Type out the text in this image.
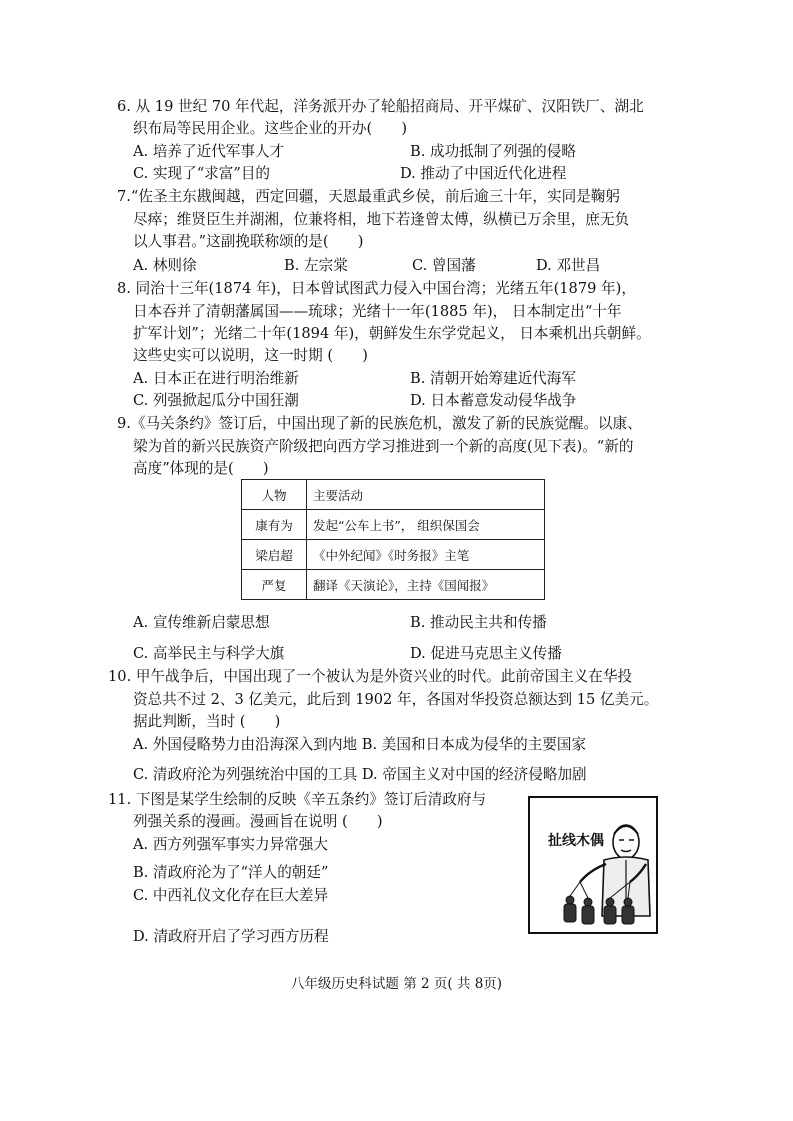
6. 从 19 世纪 70 年代起，洋务派开办了轮船招商局、开平煤矿、汉阳铁厂、湖北
织布局等民用企业。这些企业的开办(　　)
A. 培养了近代军事人才	B. 成功抵制了列强的侵略
C. 实现了“求富”目的	D. 推动了中国近代化进程
7.“佐圣主东戡闽越，西定回疆，天恩最重武乡侯，前后逾三十年，实同是鞠躬
尽瘁；维贤臣生并湖湘，位兼将相，地下若逢曾太傅，纵横已万余里，庶无负
以人事君。”这副挽联称颂的是(　　)
A. 林则徐	B. 左宗棠	C. 曾国藩	D. 邓世昌
8. 同治十三年(1874 年)，日本曾试图武力侵入中国台湾；光绪五年(1879 年)，
日本吞并了清朝藩属国——琉球；光绪十一年(1885 年)， 日本制定出“十年
扩军计划”；光绪二十年(1894 年)，朝鲜发生东学党起义， 日本乘机出兵朝鲜。
这些史实可以说明，这一时期 (　　)
A. 日本正在进行明治维新	B. 清朝开始筹建近代海军
C. 列强掀起瓜分中国狂潮	D. 日本蓄意发动侵华战争
9.《马关条约》签订后，中国出现了新的民族危机，激发了新的民族觉醒。以康、
梁为首的新兴民族资产阶级把向西方学习推进到一个新的高度(见下表)。“新的
高度”体现的是(　　)
人物	主要活动
康有为	发起“公车上书”， 组织保国会
梁启超	《中外纪闻》《时务报》主笔
严复	翻译《天演论》，主持《国闻报》
A. 宣传维新启蒙思想	B. 推动民主共和传播
C. 高举民主与科学大旗	D. 促进马克思主义传播
10. 甲午战争后，中国出现了一个被认为是外资兴业的时代。此前帝国主义在华投
资总共不过 2、3 亿美元，此后到 1902 年，各国对华投资总额达到 15 亿美元。
据此判断，当时 (　　)
A. 外国侵略势力由沿海深入到内地 B. 美国和日本成为侵华的主要国家
C. 清政府沦为列强统治中国的工具 D. 帝国主义对中国的经济侵略加剧
11. 下图是某学生绘制的反映《辛五条约》签订后清政府与
列强关系的漫画。漫画旨在说明 (　　)
A. 西方列强军事实力异常强大
B. 清政府沦为了“洋人的朝廷”
C. 中西礼仪文化存在巨大差异
D. 清政府开启了学习西方历程
扯线木偶
八年级历史科试题 第 2 页( 共 8页)
